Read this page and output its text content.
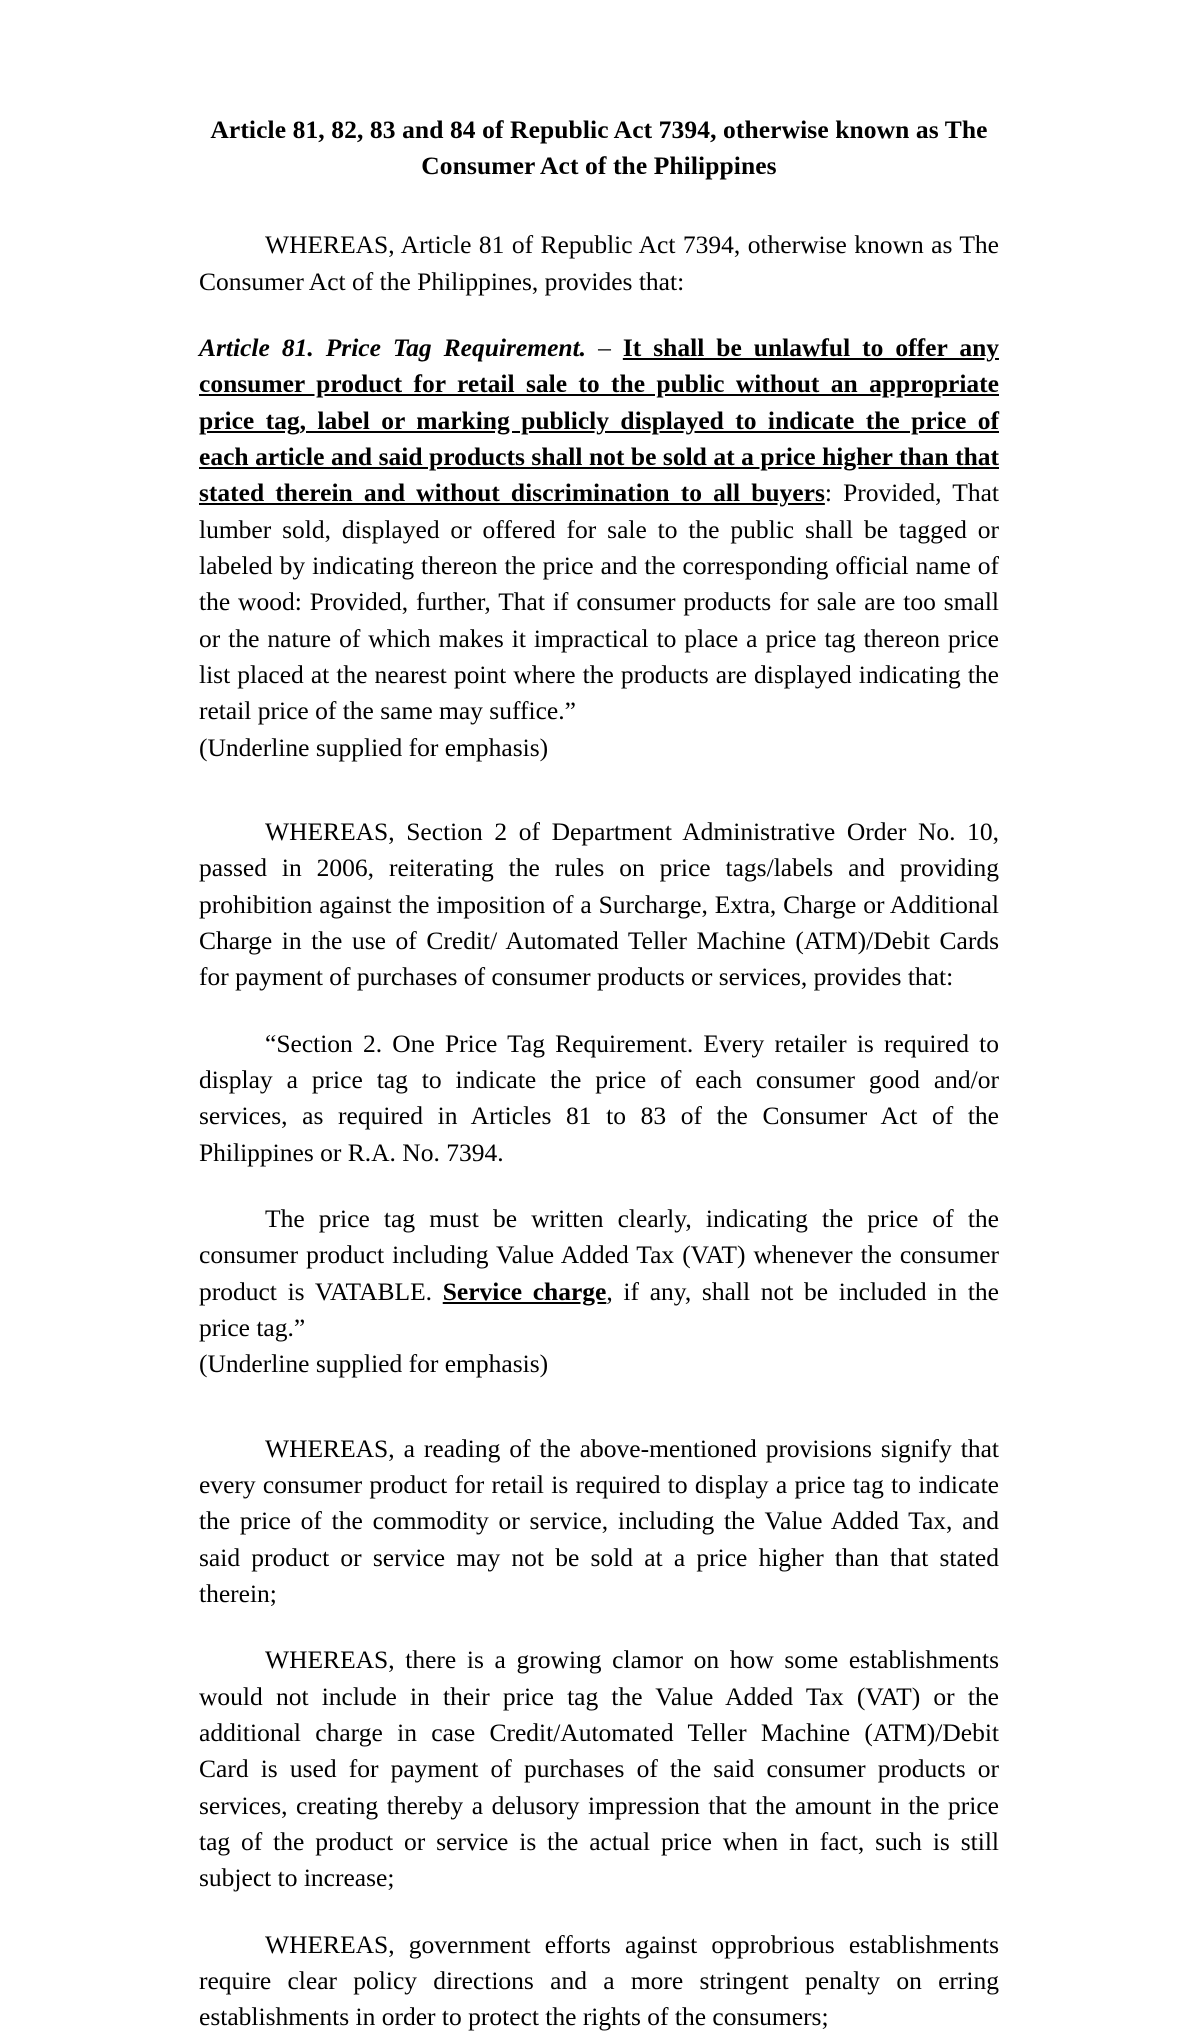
Article 81, 82, 83 and 84 of Republic Act 7394, otherwise known as The
Consumer Act of the Philippines

WHEREAS, Article 81 of Republic Act 7394, otherwise known as The Consumer Act of the Philippines, provides that:

Article 81. Price Tag Requirement. – It shall be unlawful to offer any consumer product for retail sale to the public without an appropriate price tag, label or marking publicly displayed to indicate the price of each article and said products shall not be sold at a price higher than that stated therein and without discrimination to all buyers: Provided, That lumber sold, displayed or offered for sale to the public shall be tagged or labeled by indicating thereon the price and the corresponding official name of the wood: Provided, further, That if consumer products for sale are too small or the nature of which makes it impractical to place a price tag thereon price list placed at the nearest point where the products are displayed indicating the retail price of the same may suffice.”

(Underline supplied for emphasis)

WHEREAS, Section 2 of Department Administrative Order No. 10, passed in 2006, reiterating the rules on price tags/labels and providing prohibition against the imposition of a Surcharge, Extra, Charge or Additional Charge in the use of Credit/ Automated Teller Machine (ATM)/Debit Cards for payment of purchases of consumer products or services, provides that:

“Section 2. One Price Tag Requirement. Every retailer is required to display a price tag to indicate the price of each consumer good and/or services, as required in Articles 81 to 83 of the Consumer Act of the Philippines or R.A. No. 7394.

The price tag must be written clearly, indicating the price of the consumer product including Value Added Tax (VAT) whenever the consumer product is VATABLE. Service charge, if any, shall not be included in the price tag.”

(Underline supplied for emphasis)

WHEREAS, a reading of the above-mentioned provisions signify that every consumer product for retail is required to display a price tag to indicate the price of the commodity or service, including the Value Added Tax, and said product or service may not be sold at a price higher than that stated therein;

WHEREAS, there is a growing clamor on how some establishments would not include in their price tag the Value Added Tax (VAT) or the additional charge in case Credit/Automated Teller Machine (ATM)/Debit Card is used for payment of purchases of the said consumer products or services, creating thereby a delusory impression that the amount in the price tag of the product or service is the actual price when in fact, such is still subject to increase;

WHEREAS, government efforts against opprobrious establishments require clear policy directions and a more stringent penalty on erring establishments in order to protect the rights of the consumers;
